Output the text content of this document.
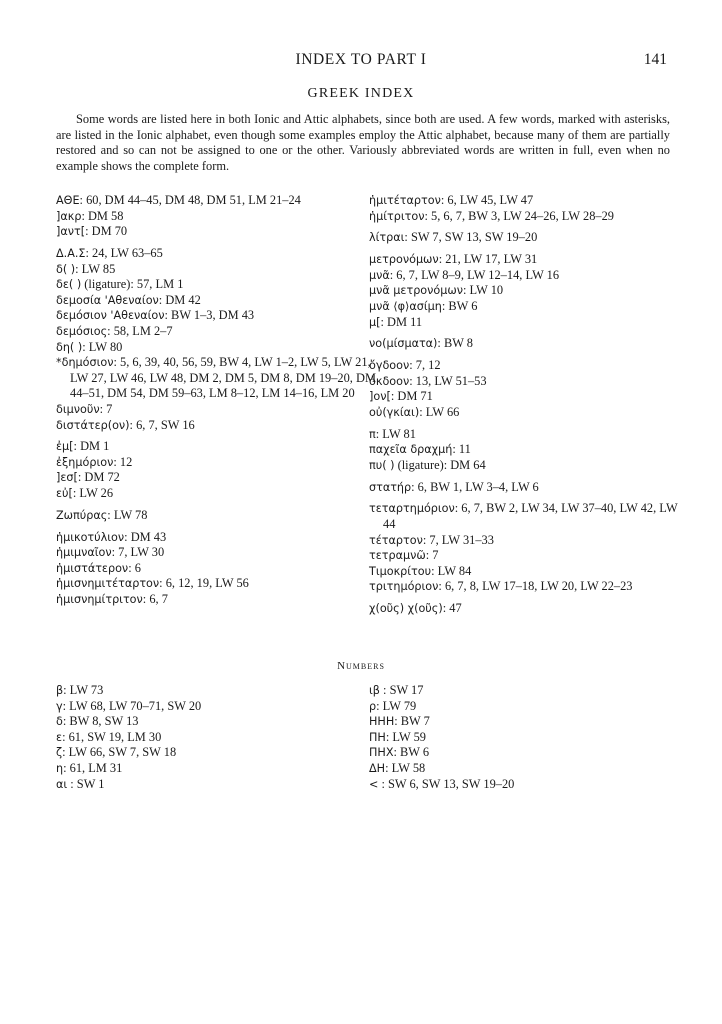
INDEX TO PART I	141
GREEK INDEX

Some words are listed here in both Ionic and Attic alphabets, since both are used. A few words, marked with asterisks, are listed in the Ionic alphabet, even though some examples employ the Attic alphabet, because many of them are partially restored and so can not be assigned to one or the other. Variously abbreviated words are written in full, even when no example shows the complete form.

ΑΘΕ: 60, DM 44–45, DM 48, DM 51, LM 21–24

]ακρ: DM 58

]αντ[: DM 70

Δ.Α.Σ: 24, LW 63–65

δ( ): LW 85

δε( ) (ligature): 57, LM 1

δεμοσία 'Αθεναίον: DM 42

δεμόσιον 'Αθεναίον: BW 1–3, DM 43

δεμόσιος: 58, LM 2–7

δη( ): LW 80

*δημόσιον: 5, 6, 39, 40, 56, 59, BW 4, LW 1–2, LW 5, LW 21, LW 27, LW 46, LW 48, DM 2, DM 5, DM 8, DM 19–20, DM 44–51, DM 54, DM 59–63, LM 8–12, LM 14–16, LM 20

διμνοῦν: 7

διστάτερ(ον): 6, 7, SW 16

ἐμ[: DM 1

ἐξημόριον: 12

]εσ[: DM 72

εὐ[: LW 26

Ζωπύρας: LW 78

ἡμικοτύλιον: DM 43

ἡμιμναῖον: 7, LW 30

ἡμιστάτερον: 6

ἡμισνημιτέταρτον: 6, 12, 19, LW 56

ἡμισνημίτριτον: 6, 7

ἡμιτέταρτον: 6, LW 45, LW 47

ἡμίτριτον: 5, 6, 7, BW 3, LW 24–26, LW 28–29

λίτραι: SW 7, SW 13, SW 19–20

μετρονόμων: 21, LW 17, LW 31

μνᾶ: 6, 7, LW 8–9, LW 12–14, LW 16

μνᾶ μετρονόμων: LW 10

μνᾶ ⟨φ⟩ασίμη: BW 6

μ[: DM 11

νο(μίσματα): BW 8

ὄγδοον: 7, 12

ὀκδοον: 13, LW 51–53

]ον[: DM 71

οὐ(γκίαι): LW 66

π: LW 81

παχεῖα δραχμή: 11

πυ( ) (ligature): DM 64

στατήρ: 6, BW 1, LW 3–4, LW 6

τεταρτημόριον: 6, 7, BW 2, LW 34, LW 37–40, LW 42, LW 44

τέταρτον: 7, LW 31–33

τετραμνῶ: 7

Τιμοκρίτου: LW 84

τριτημόριον: 6, 7, 8, LW 17–18, LW 20, LW 22–23

χ(οῦς) χ(οῦς): 47

Numbers

β: LW 73

γ: LW 68, LW 70–71, SW 20

δ: BW 8, SW 13

ε: 61, SW 19, LM 30

ζ: LW 66, SW 7, SW 18

η: 61, LM 31

αι : SW 1

ιβ : SW 17

ρ: LW 79

ΗΗΗ: BW 7

ΠΗ: LW 59

ΠΗΧ: BW 6

ΔΗ: LW 58

< : SW 6, SW 13, SW 19–20
